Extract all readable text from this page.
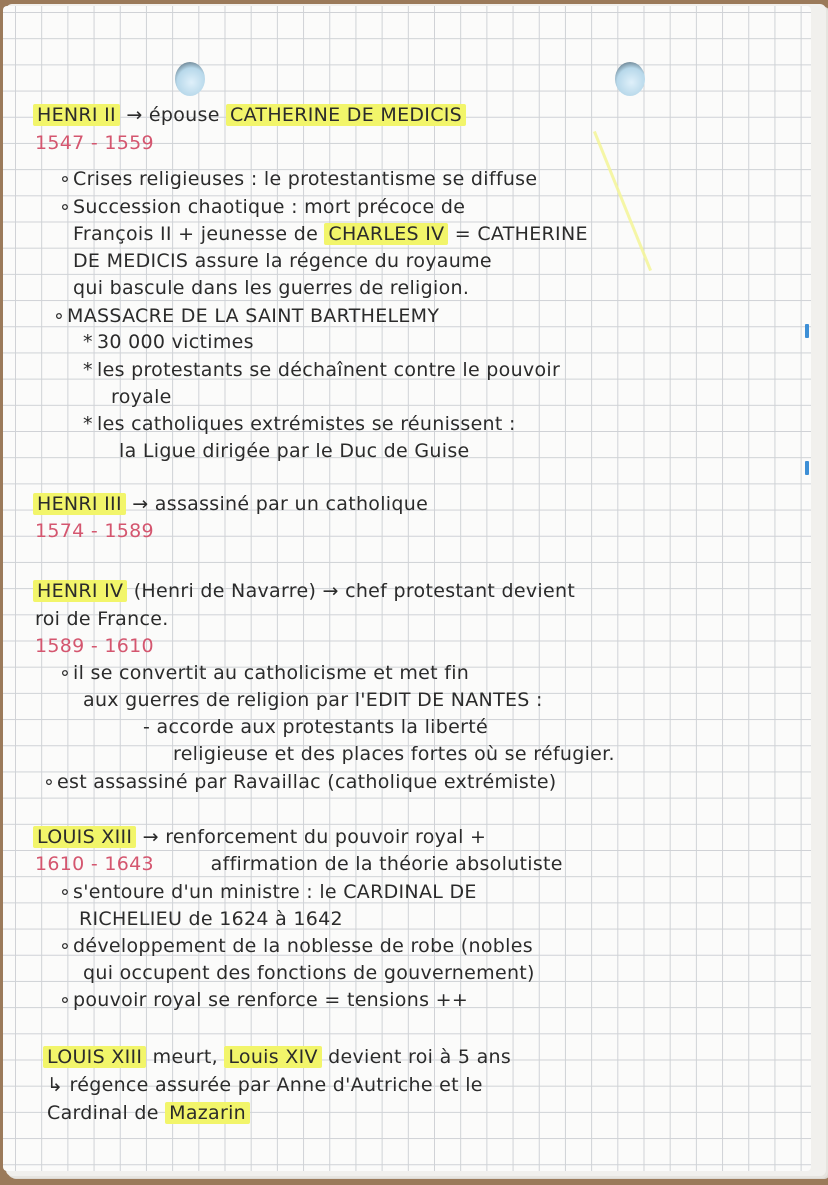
HENRI II → épouse CATHERINE DE MEDICIS
1547 - 1559
∘Crises religieuses : le protestantisme se diffuse
∘Succession chaotique : mort précoce de
François II + jeunesse de CHARLES IV = CATHERINE
DE MEDICIS assure la régence du royaume
qui bascule dans les guerres de religion.
∘MASSACRE DE LA SAINT BARTHELEMY
* 30 000 victimes
* les protestants se déchaînent contre le pouvoir
royale
* les catholiques extrémistes se réunissent :
la Ligue dirigée par le Duc de Guise
HENRI III → assassiné par un catholique
1574 - 1589
HENRI IV (Henri de Navarre) → chef protestant devient
roi de France.
1589 - 1610
∘il se convertit au catholicisme et met fin
aux guerres de religion par l'EDIT DE NANTES :
- accorde aux protestants la liberté
religieuse et des places fortes où se réfugier.
∘est assassiné par Ravaillac (catholique extrémiste)
LOUIS XIII → renforcement du pouvoir royal +
1610 - 1643	affirmation de la théorie absolutiste
∘s'entoure d'un ministre : le CARDINAL DE
RICHELIEU de 1624 à 1642
∘développement de la noblesse de robe (nobles
qui occupent des fonctions de gouvernement)
∘pouvoir royal se renforce = tensions ++
LOUIS XIII meurt, Louis XIV devient roi à 5 ans
↳ régence assurée par Anne d'Autriche et le
Cardinal de Mazarin
